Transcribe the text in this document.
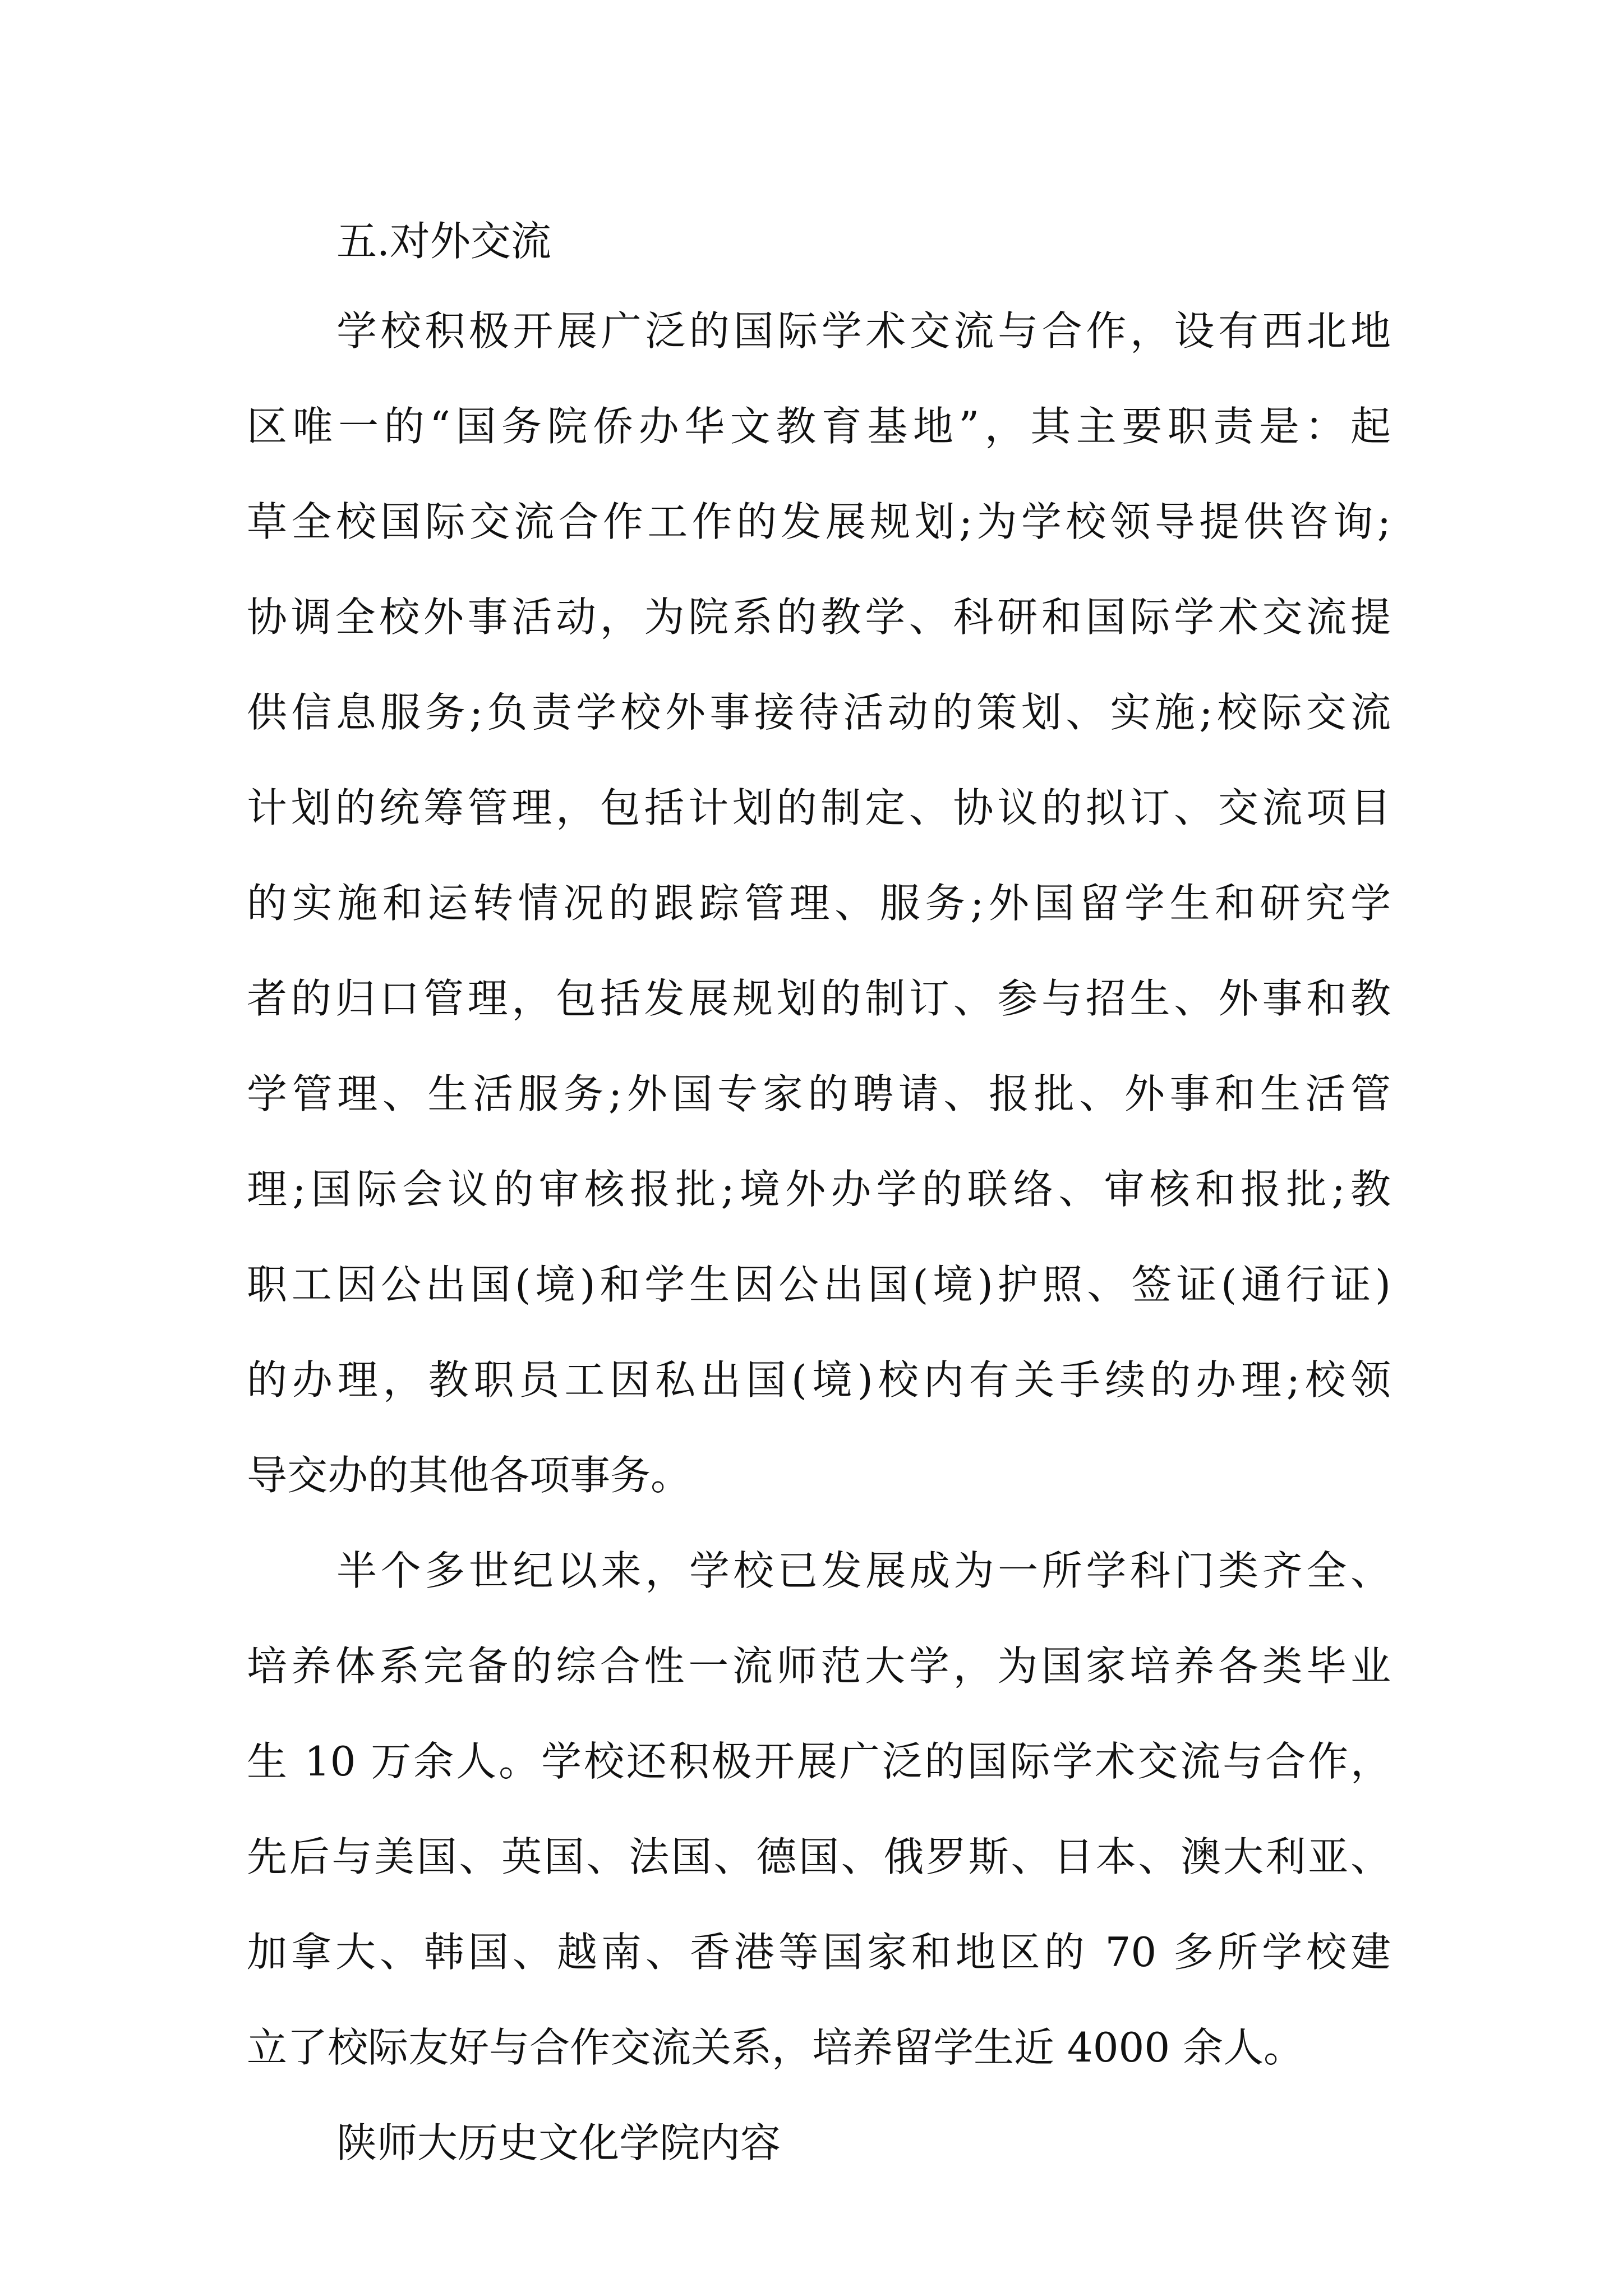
五.对外交流
学校积极开展广泛的国际学术交流与合作，设有西北地
区唯一的“国务院侨办华文教育基地”，其主要职责是：起
草全校国际交流合作工作的发展规划;为学校领导提供咨询;
协调全校外事活动，为院系的教学、科研和国际学术交流提
供信息服务;负责学校外事接待活动的策划、实施;校际交流
计划的统筹管理，包括计划的制定、协议的拟订、交流项目
的实施和运转情况的跟踪管理、服务;外国留学生和研究学
者的归口管理，包括发展规划的制订、参与招生、外事和教
学管理、生活服务;外国专家的聘请、报批、外事和生活管
理;国际会议的审核报批;境外办学的联络、审核和报批;教
职工因公出国(境)和学生因公出国(境)护照、签证(通行证)
的办理，教职员工因私出国(境)校内有关手续的办理;校领
导交办的其他各项事务。
半个多世纪以来，学校已发展成为一所学科门类齐全、
培养体系完备的综合性一流师范大学，为国家培养各类毕业
生 10 万余人。学校还积极开展广泛的国际学术交流与合作，
先后与美国、英国、法国、德国、俄罗斯、日本、澳大利亚、
加拿大、韩国、越南、香港等国家和地区的 70 多所学校建
立了校际友好与合作交流关系，培养留学生近 4000 余人。
陕师大历史文化学院内容
